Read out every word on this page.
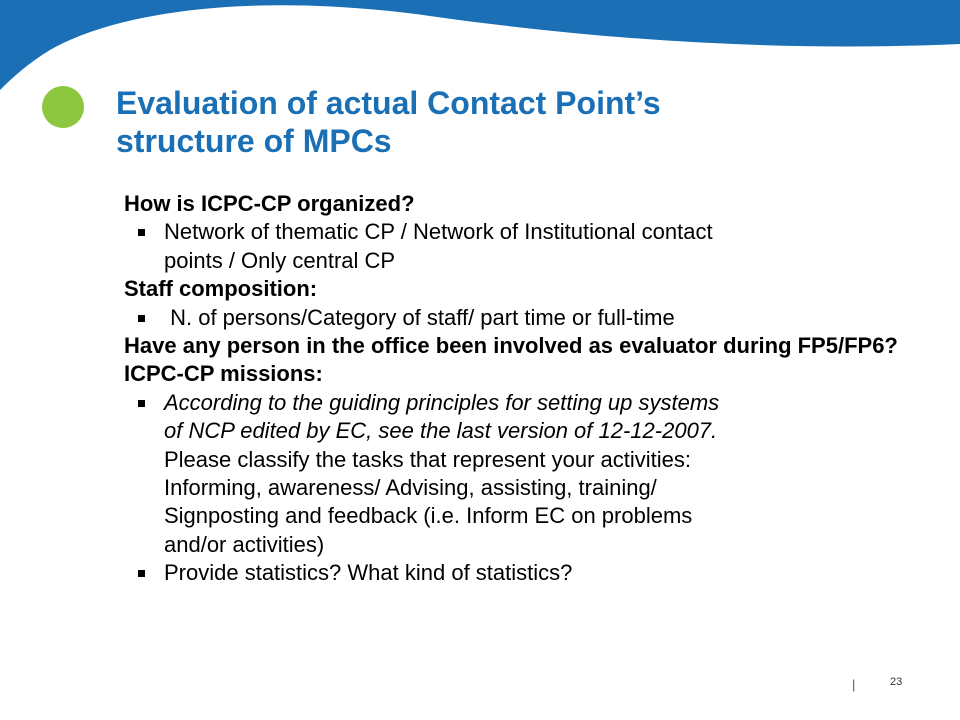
Evaluation of actual Contact Point’s
structure of MPCs
How is ICPC-CP organized?
Network of thematic CP / Network of Institutional contact
points / Only central CP
Staff composition:
N. of persons/Category of staff/ part time or full-time
Have any person in the office been involved as evaluator during FP5/FP6?
ICPC-CP missions:
According to the guiding principles for setting up systems
of NCP edited by EC, see the last version of 12-12-2007.
Please classify the tasks that represent your activities:
Informing, awareness/ Advising, assisting, training/
Signposting and feedback (i.e. Inform EC on problems
and/or activities)
Provide statistics? What kind of statistics?
|	23
